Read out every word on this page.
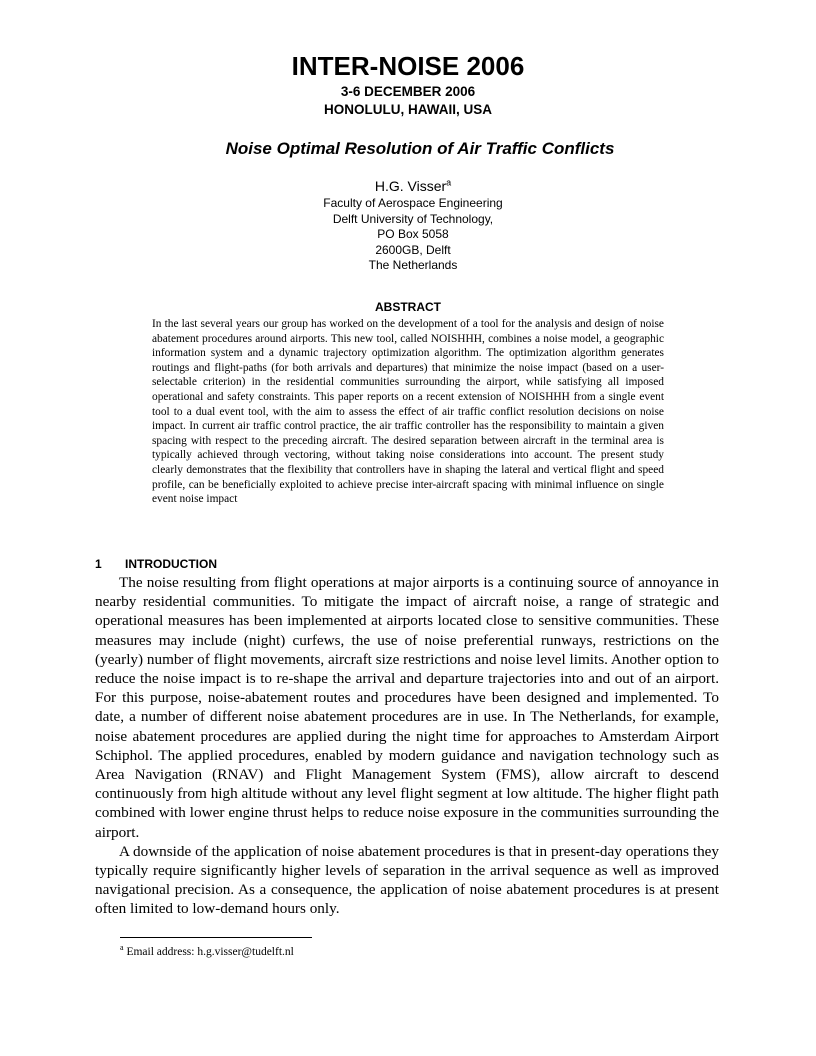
INTER-NOISE 2006
3-6 DECEMBER 2006
HONOLULU, HAWAII, USA
Noise Optimal Resolution of Air Traffic Conflicts
H.G. Visser$^a$
Faculty of Aerospace Engineering
Delft University of Technology,
PO Box 5058
2600GB, Delft
The Netherlands
ABSTRACT
In the last several years our group has worked on the development of a tool for the analysis and design of noise abatement procedures around airports. This new tool, called NOISHHH, combines a noise model, a geographic information system and a dynamic trajectory optimization algorithm. The optimization algorithm generates routings and flight-paths (for both arrivals and departures) that minimize the noise impact (based on a user-selectable criterion) in the residential communities surrounding the airport, while satisfying all imposed operational and safety constraints. This paper reports on a recent extension of NOISHHH from a single event tool to a dual event tool, with the aim to assess the effect of air traffic conflict resolution decisions on noise impact. In current air traffic control practice, the air traffic controller has the responsibility to maintain a given spacing with respect to the preceding aircraft. The desired separation between aircraft in the terminal area is typically achieved through vectoring, without taking noise considerations into account. The present study clearly demonstrates that the flexibility that controllers have in shaping the lateral and vertical flight and speed profile, can be beneficially exploited to achieve precise inter-aircraft spacing with minimal influence on single event noise impact
1 INTRODUCTION

The noise resulting from flight operations at major airports is a continuing source of annoyance in nearby residential communities. To mitigate the impact of aircraft noise, a range of strategic and operational measures has been implemented at airports located close to sensitive communities. These measures may include (night) curfews, the use of noise preferential runways, restrictions on the (yearly) number of flight movements, aircraft size restrictions and noise level limits. Another option to reduce the noise impact is to re-shape the arrival and departure trajectories into and out of an airport. For this purpose, noise-abatement routes and procedures have been designed and implemented. To date, a number of different noise abatement procedures are in use. In The Netherlands, for example, noise abatement procedures are applied during the night time for approaches to Amsterdam Airport Schiphol. The applied procedures, enabled by modern guidance and navigation technology such as Area Navigation (RNAV) and Flight Management System (FMS), allow aircraft to descend continuously from high altitude without any level flight segment at low altitude. The higher flight path combined with lower engine thrust helps to reduce noise exposure in the communities surrounding the airport.

A downside of the application of noise abatement procedures is that in present-day operations they typically require significantly higher levels of separation in the arrival sequence as well as improved navigational precision. As a consequence, the application of noise abatement procedures is at present often limited to low-demand hours only.

$^a$ Email address: h.g.visser@tudelft.nl
